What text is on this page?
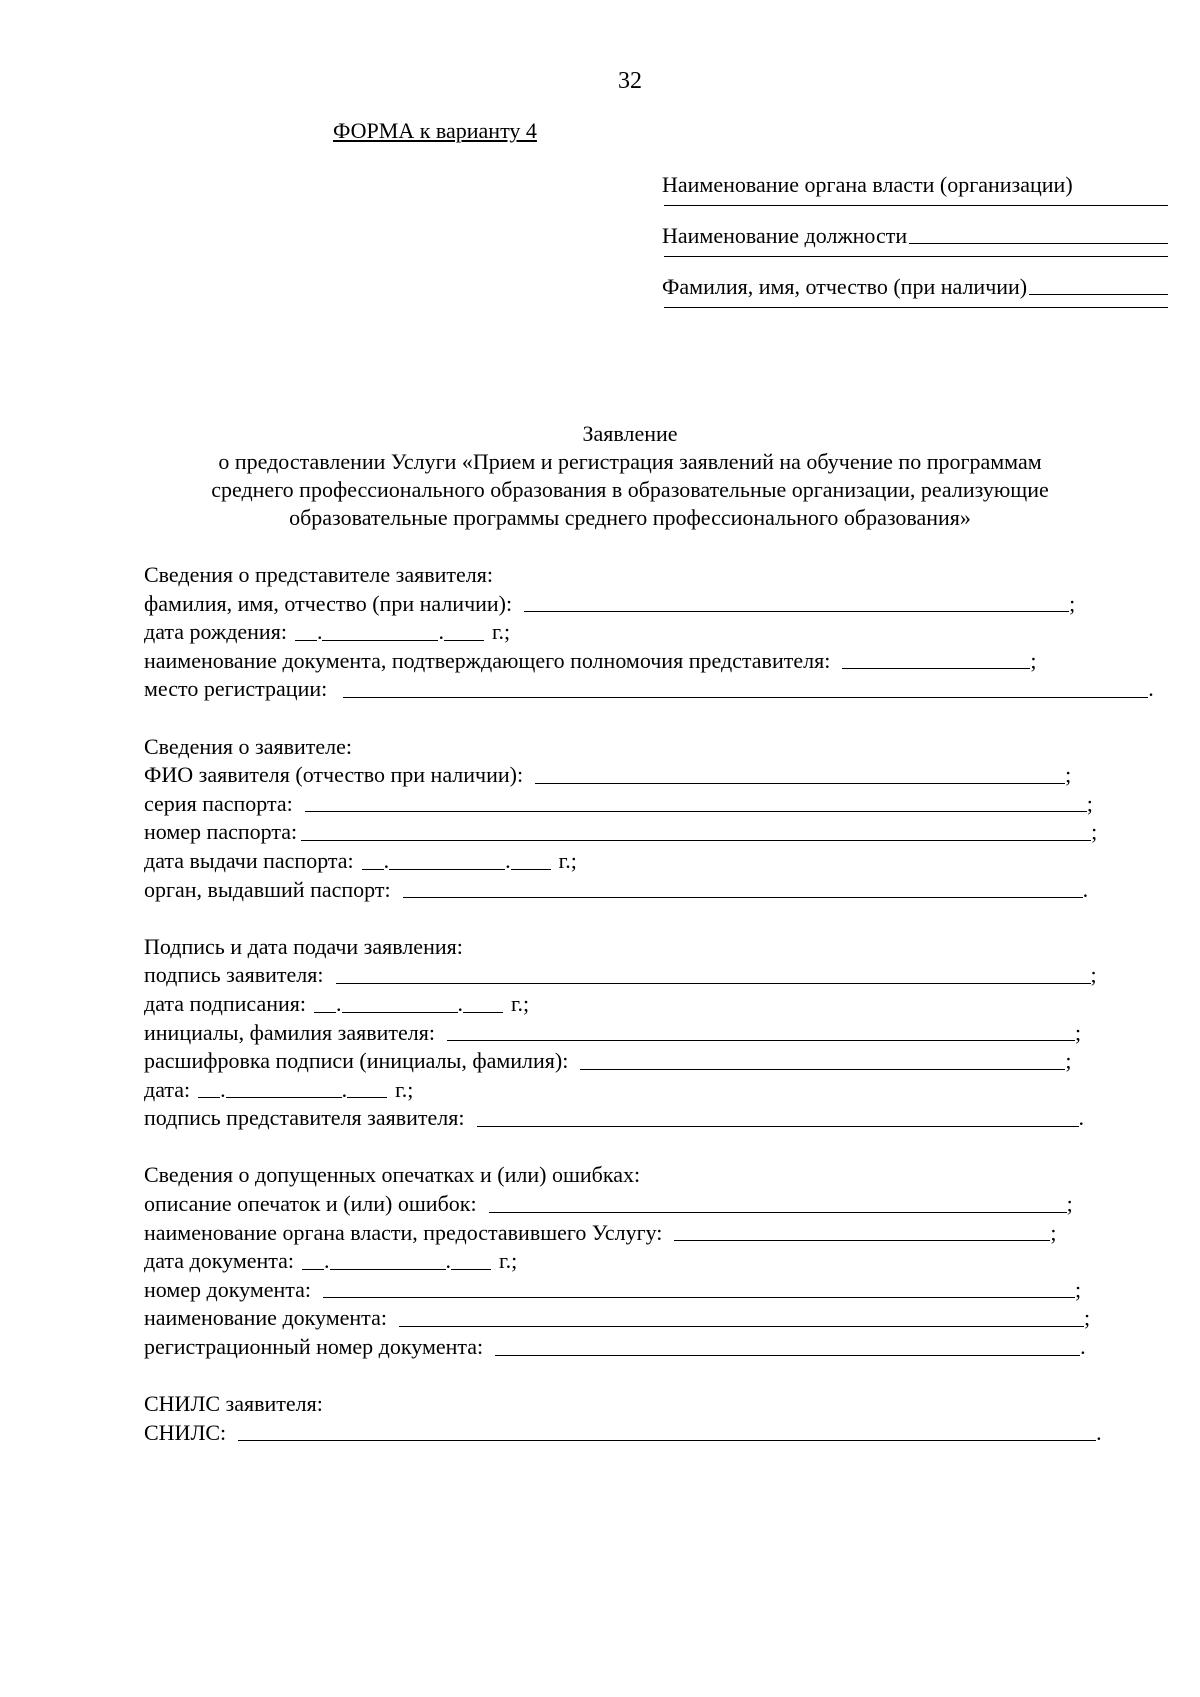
32
ФОРМА к варианту 4
Наименование органа власти (организации)
Наименование должности
Фамилия, имя, отчество (при наличии)
Заявление
о предоставлении Услуги «Прием и регистрация заявлений на обучение по программам
среднего профессионального образования в образовательные организации, реализующие
образовательные программы среднего профессионального образования»
Сведения о представителе заявителя:
фамилия, имя, отчество (при наличии):	;
дата рождения: .	. г.;
наименование документа, подтверждающего полномочия представителя:	;
место регистрации:	.
Сведения о заявителе:
ФИО заявителя (отчество при наличии):	;
серия паспорта:	;
номер паспорта:	;
дата выдачи паспорта: .	. г.;
орган, выдавший паспорт:	.
Подпись и дата подачи заявления:
подпись заявителя:	;
дата подписания: .	. г.;
инициалы, фамилия заявителя:	;
расшифровка подписи (инициалы, фамилия):	;
дата: .	. г.;
подпись представителя заявителя:	.
Сведения о допущенных опечатках и (или) ошибках:
описание опечаток и (или) ошибок:	;
наименование органа власти, предоставившего Услугу:	;
дата документа: .	. г.;
номер документа:	;
наименование документа:	;
регистрационный номер документа:	.
СНИЛС заявителя:
СНИЛС:	.
